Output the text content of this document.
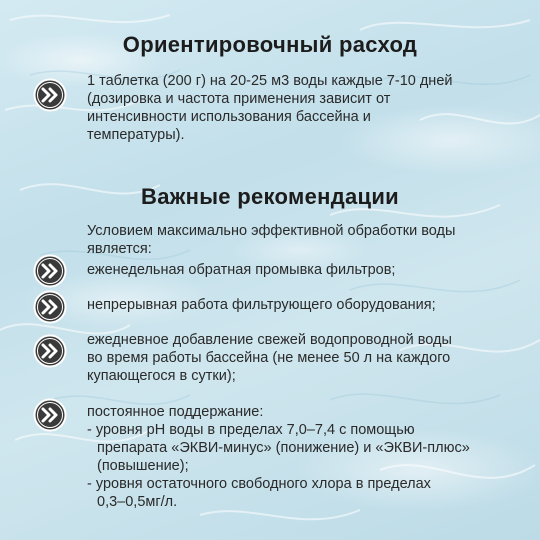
Ориентировочный расход
1 таблетка (200 г) на 20-25 м3 воды каждые 7-10 дней
(дозировка и частота применения зависит от
интенсивности использования бассейна и
температуры).
Важные рекомендации
Условием максимально эффективной обработки воды
является:
еженедельная обратная промывка фильтров;
непрерывная работа фильтрующего оборудования;
ежедневное добавление свежей водопроводной воды
во время работы бассейна (не менее 50 л на каждого
купающегося в сутки);
постоянное поддержание:
- уровня pH воды в пределах 7,0–7,4 с помощью
препарата «ЭКВИ-минус» (понижение) и «ЭКВИ-плюс»
(повышение);
- уровня остаточного свободного хлора в пределах
0,3–0,5мг/л.
